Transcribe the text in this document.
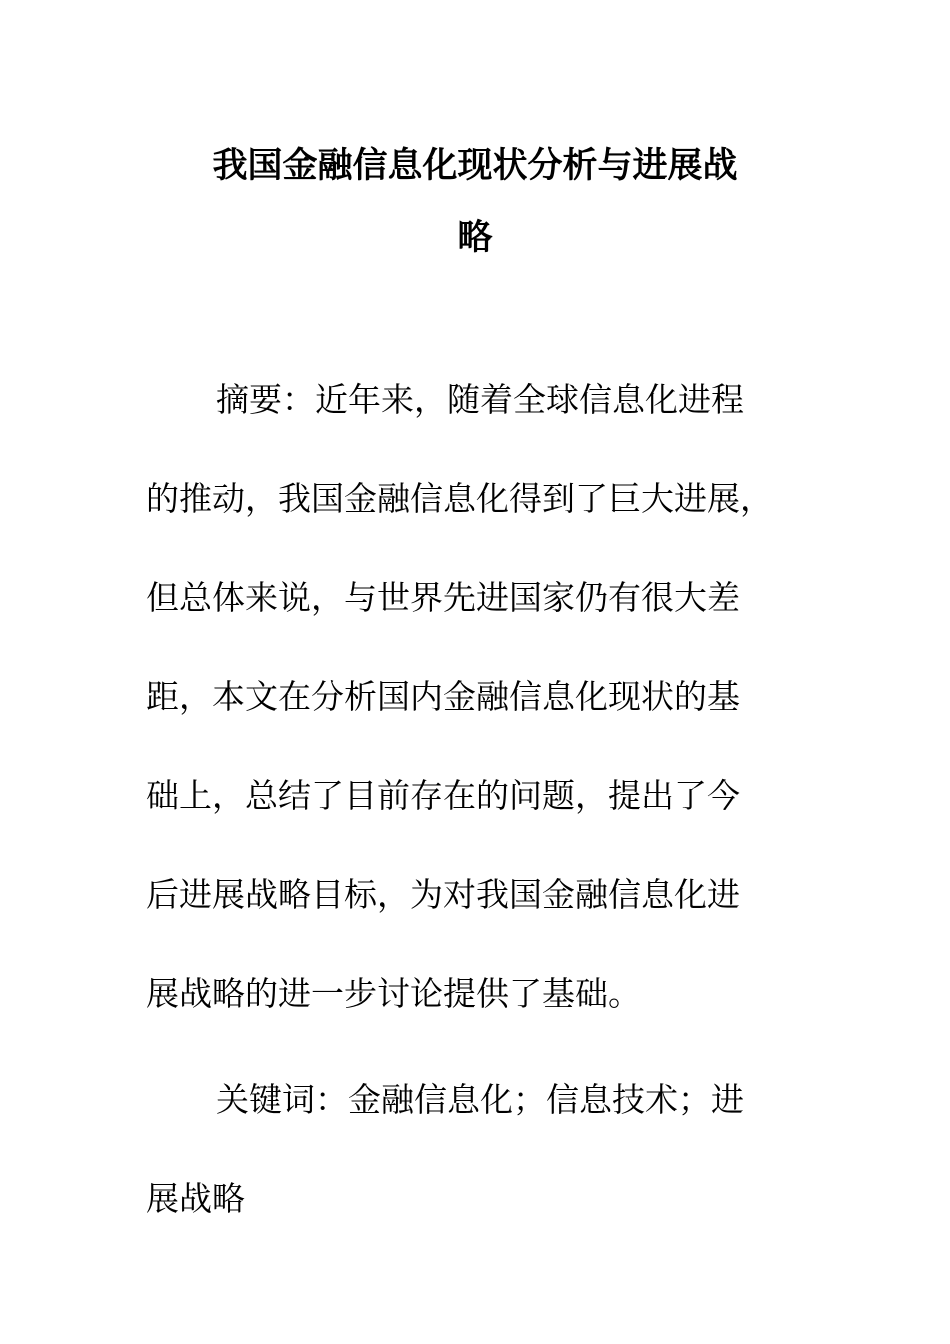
我国金融信息化现状分析与进展战
略
摘要：近年来，随着全球信息化进程
的推动，我国金融信息化得到了巨大进展，
但总体来说，与世界先进国家仍有很大差
距，本文在分析国内金融信息化现状的基
础上，总结了目前存在的问题，提出了今
后进展战略目标，为对我国金融信息化进
展战略的进一步讨论提供了基础。
关键词：金融信息化；信息技术；进
展战略
